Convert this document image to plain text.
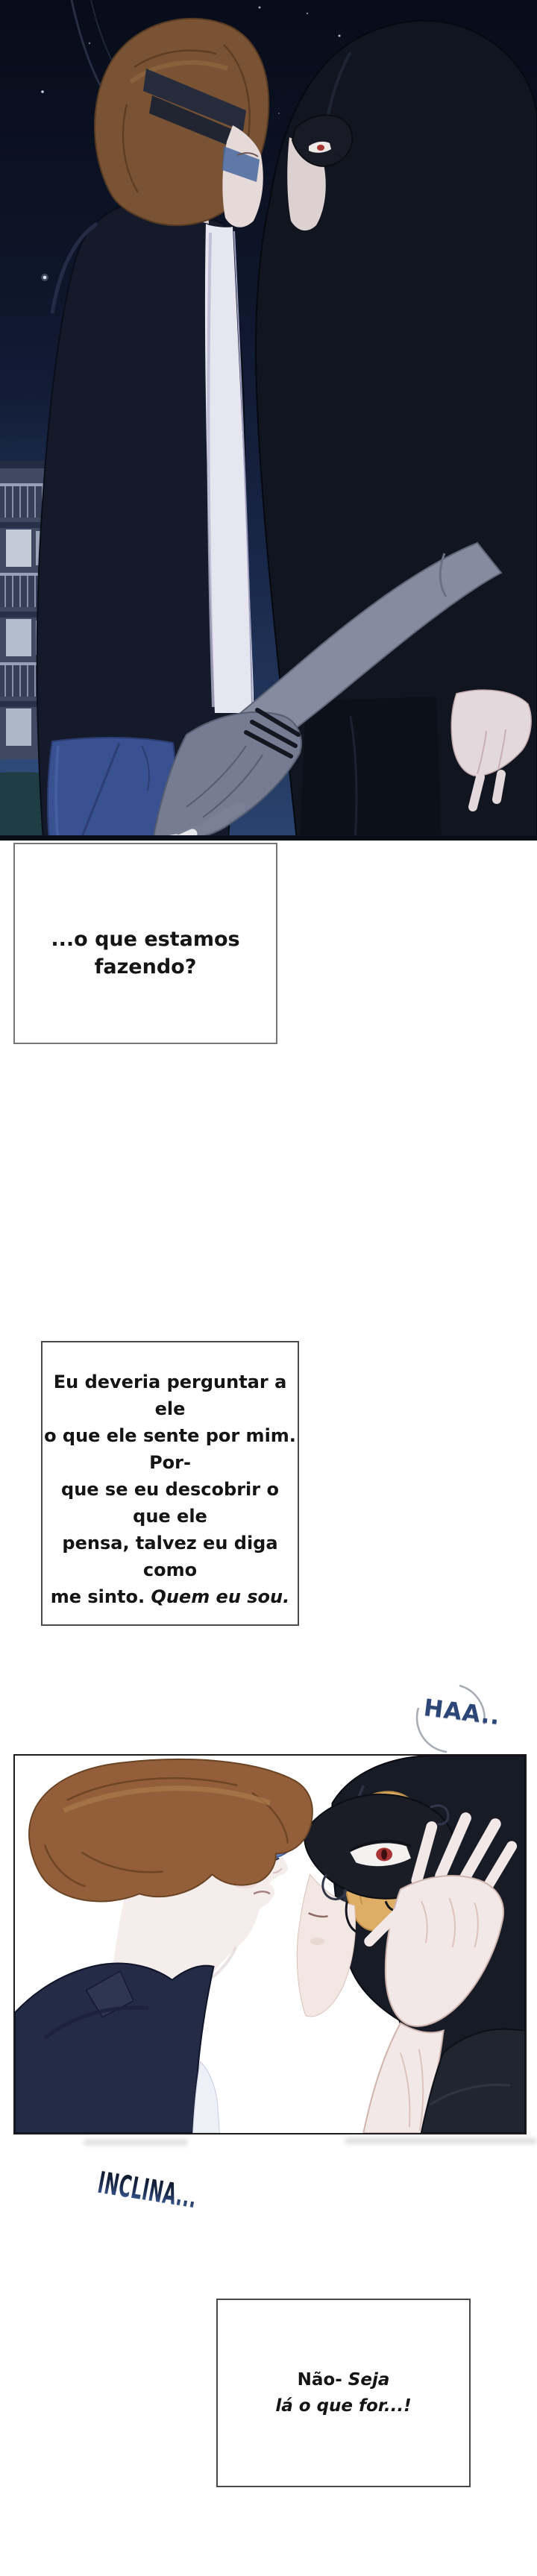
...o que estamos
fazendo?
Eu deveria perguntar a ele
o que ele sente por mim. Por-
que se eu descobrir o que ele
pensa, talvez eu diga como
me sinto. Quem eu sou.
HAA..
INCLINA...
Não- Seja
lá o que for...!
